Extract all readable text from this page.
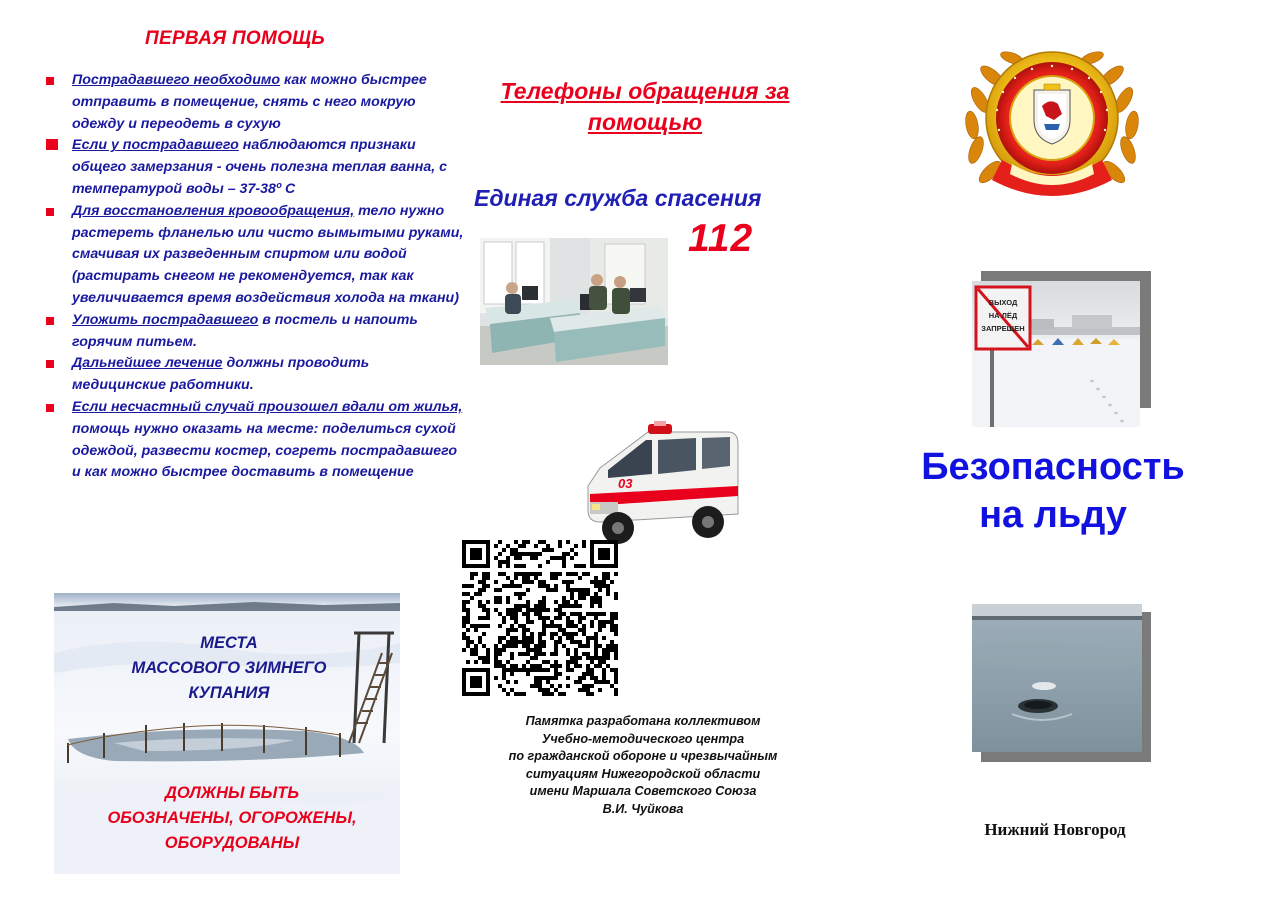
ПЕРВАЯ ПОМОЩЬ
Пострадавшего необходимо как можно быстрее отправить в помещение, снять с него мокрую одежду и переодеть в сухую
Если у пострадавшего наблюдаются признаки общего замерзания - очень полезна теплая ванна, с температурой воды – 37-38º С
Для восстановления кровообращения, тело нужно растереть фланелью или чисто вымытыми руками, смачивая их разведенным спиртом или водой (растирать снегом не рекомендуется, так как увеличивается время воздействия холода на ткани)
Уложить пострадавшего в постель и напоить горячим питьем.
Дальнейшее лечение должны проводить медицинские работники.
Если несчастный случай произошел вдали от жилья, помощь нужно оказать на месте: поделиться сухой одеждой, развести костер, согреть пострадавшего и как можно быстрее доставить в помещение
МЕСТА
МАССОВОГО ЗИМНЕГО
КУПАНИЯ
ДОЛЖНЫ БЫТЬ
ОБОЗНАЧЕНЫ, ОГОРОЖЕНЫ,
ОБОРУДОВАНЫ
Телефоны обращения за
помощью
Единая служба спасения
112
03
Памятка разработана коллективом
Учебно-методического центра
по гражданской обороне и чрезвычайным
ситуациям Нижегородской области
имени Маршала Советского Союза
В.И. Чуйкова
ВЫХОД
НА ЛЁД
ЗАПРЕЩЕН
Безопасность
на льду
Нижний Новгород
